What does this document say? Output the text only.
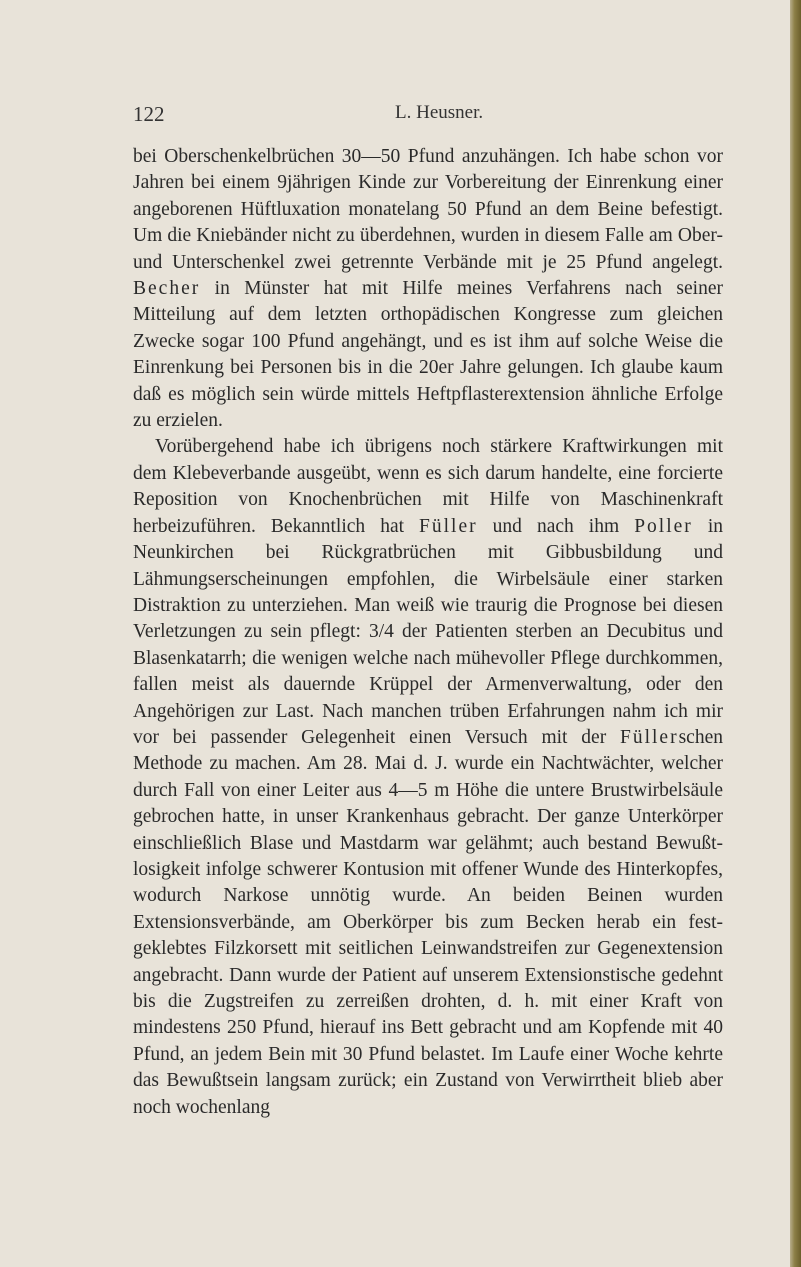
122	L. Heusner.

bei Oberschenkelbrüchen 30—50 Pfund anzuhängen. Ich habe schon vor Jahren bei einem 9jährigen Kinde zur Vorbereitung der Einrenkung einer angeborenen Hüftluxation monatelang 50 Pfund an dem Beine befestigt. Um die Kniebänder nicht zu überdehnen, wurden in diesem Falle am Ober- und Unterschenkel zwei getrennte Verbände mit je 25 Pfund angelegt. Becher in Münster hat mit Hilfe meines Verfahrens nach seiner Mitteilung auf dem letzten orthopädischen Kongresse zum gleichen Zwecke sogar 100 Pfund angehängt, und es ist ihm auf solche Weise die Einrenkung bei Personen bis in die 20er Jahre gelungen. Ich glaube kaum daß es möglich sein würde mittels Heftpflasterextension ähnliche Erfolge zu erzielen.

Vorübergehend habe ich übrigens noch stärkere Kraftwirkungen mit dem Klebeverbande ausgeübt, wenn es sich darum handelte, eine forcierte Reposition von Knochenbrüchen mit Hilfe von Maschinenkraft herbeizuführen. Bekanntlich hat Füller und nach ihm Poller in Neunkirchen bei Rückgratbrüchen mit Gibbusbildung und Lähmungserscheinungen empfohlen, die Wirbelsäule einer starken Distraktion zu unterziehen. Man weiß wie traurig die Prognose bei diesen Verletzungen zu sein pflegt: 3/4 der Patienten sterben an Decubitus und Blasenkatarrh; die wenigen welche nach mühevoller Pflege durchkommen, fallen meist als dauernde Krüppel der Armenverwaltung, oder den Angehörigen zur Last. Nach manchen trüben Erfahrungen nahm ich mir vor bei passender Gelegenheit einen Versuch mit der Füllerschen Methode zu machen. Am 28. Mai d. J. wurde ein Nachtwächter, welcher durch Fall von einer Leiter aus 4—5 m Höhe die untere Brustwirbelsäule gebrochen hatte, in unser Krankenhaus gebracht. Der ganze Unterkörper einschließlich Blase und Mastdarm war gelähmt; auch bestand Bewußtlosigkeit infolge schwerer Kontusion mit offener Wunde des Hinterkopfes, wodurch Narkose unnötig wurde. An beiden Beinen wurden Extensionsverbände, am Oberkörper bis zum Becken herab ein festgeklebtes Filzkorsett mit seitlichen Leinwandstreifen zur Gegenextension angebracht. Dann wurde der Patient auf unserem Extensionstische gedehnt bis die Zugstreifen zu zerreißen drohten, d. h. mit einer Kraft von mindestens 250 Pfund, hierauf ins Bett gebracht und am Kopfende mit 40 Pfund, an jedem Bein mit 30 Pfund belastet. Im Laufe einer Woche kehrte das Bewußtsein langsam zurück; ein Zustand von Verwirrtheit blieb aber noch wochenlang
